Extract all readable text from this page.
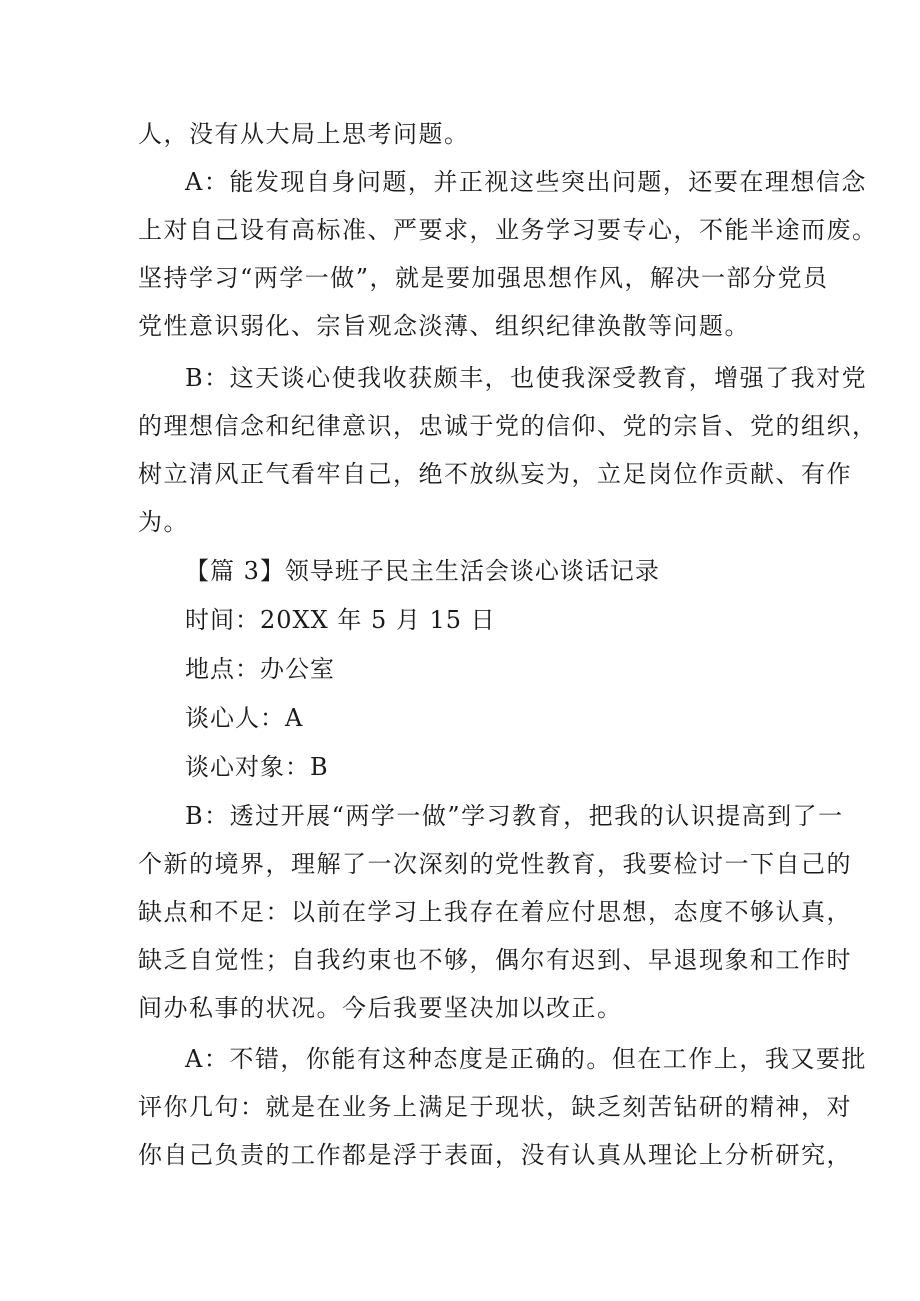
人，没有从大局上思考问题。
A：能发现自身问题，并正视这些突出问题，还要在理想信念
上对自己设有高标准、严要求，业务学习要专心，不能半途而废。
坚持学习“两学一做”，就是要加强思想作风，解决一部分党员
党性意识弱化、宗旨观念淡薄、组织纪律涣散等问题。
B：这天谈心使我收获颇丰，也使我深受教育，增强了我对党
的理想信念和纪律意识，忠诚于党的信仰、党的宗旨、党的组织，
树立清风正气看牢自己，绝不放纵妄为，立足岗位作贡献、有作
为。
【篇 3】领导班子民主生活会谈心谈话记录
时间：20XX 年 5 月 15 日
地点：办公室
谈心人：A
谈心对象：B
B：透过开展“两学一做”学习教育，把我的认识提高到了一
个新的境界，理解了一次深刻的党性教育，我要检讨一下自己的
缺点和不足：以前在学习上我存在着应付思想，态度不够认真，
缺乏自觉性；自我约束也不够，偶尔有迟到、早退现象和工作时
间办私事的状况。今后我要坚决加以改正。
A：不错，你能有这种态度是正确的。但在工作上，我又要批
评你几句：就是在业务上满足于现状，缺乏刻苦钻研的精神，对
你自己负责的工作都是浮于表面，没有认真从理论上分析研究，
